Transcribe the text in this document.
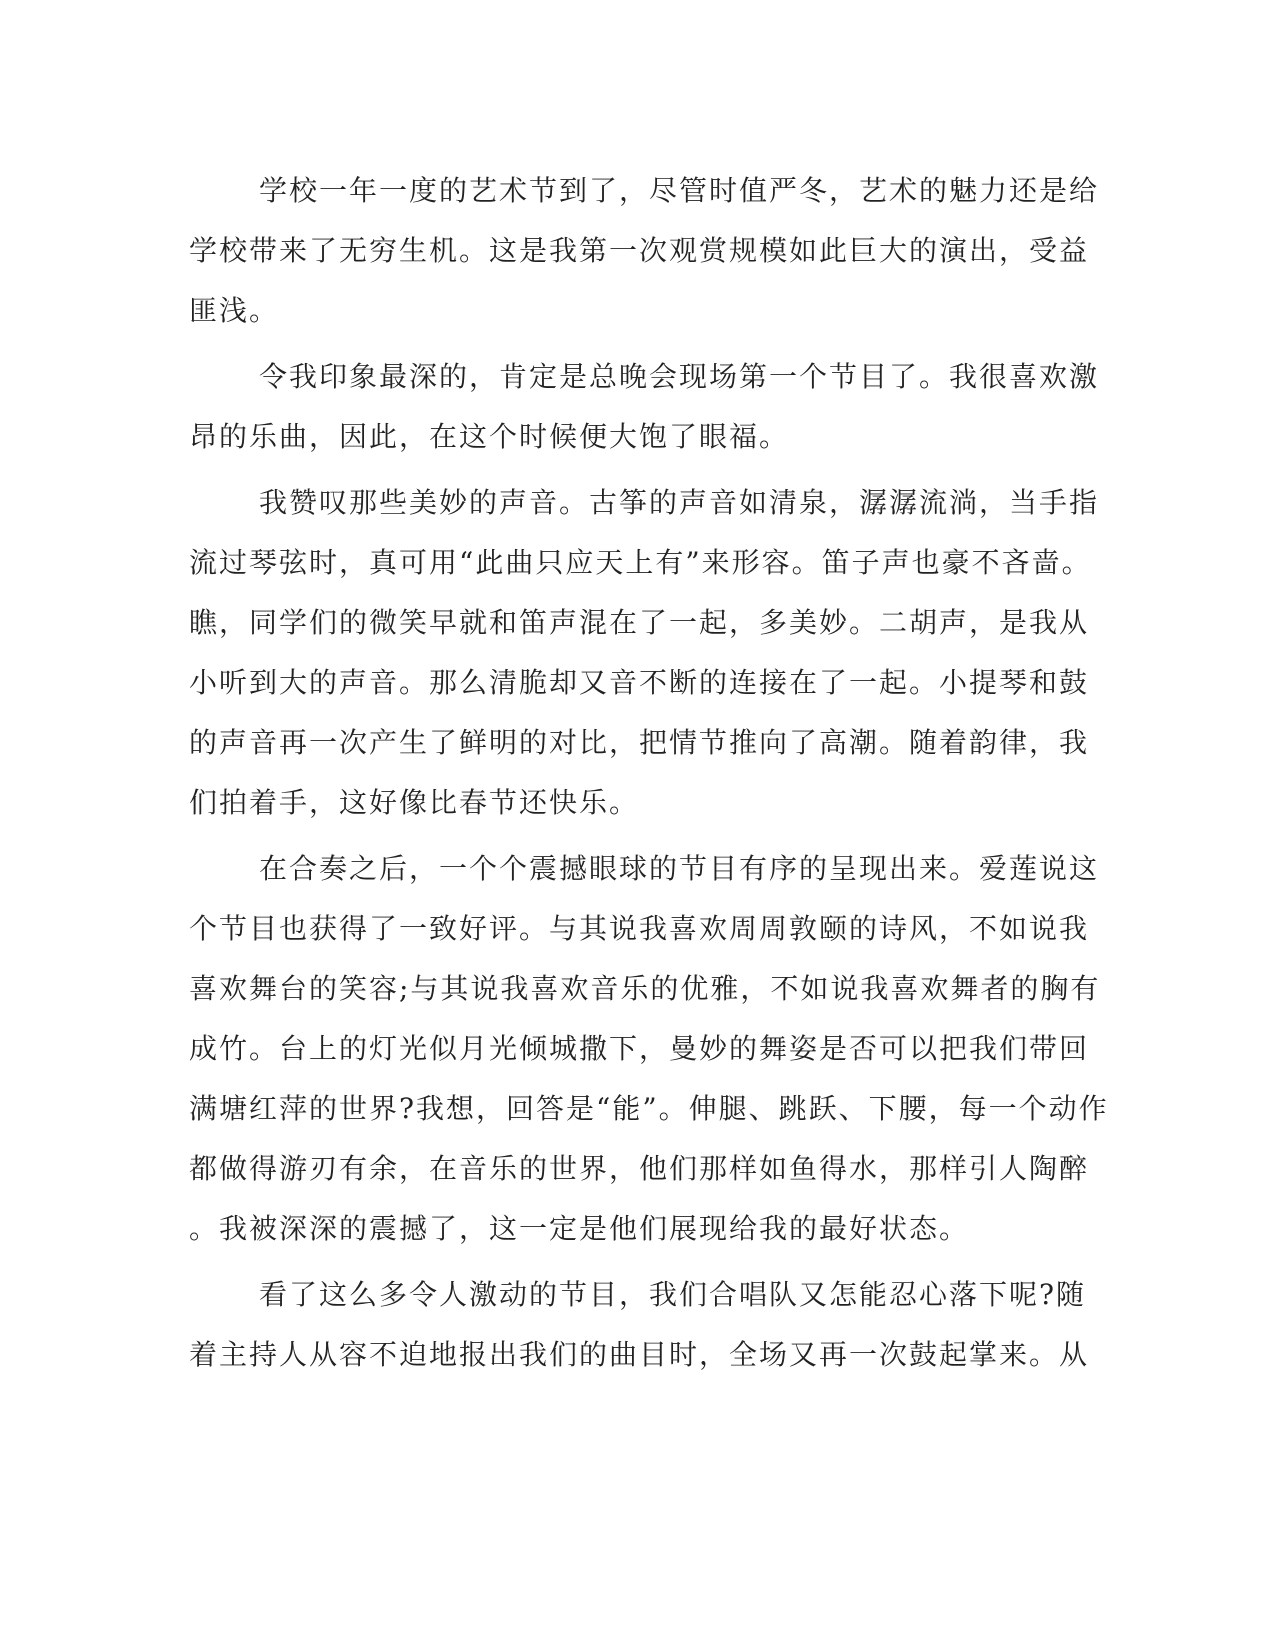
学校一年一度的艺术节到了，尽管时值严冬，艺术的魅力还是给
学校带来了无穷生机。这是我第一次观赏规模如此巨大的演出，受益
匪浅。
令我印象最深的，肯定是总晚会现场第一个节目了。我很喜欢激
昂的乐曲，因此，在这个时候便大饱了眼福。
我赞叹那些美妙的声音。古筝的声音如清泉，潺潺流淌，当手指
流过琴弦时，真可用“此曲只应天上有”来形容。笛子声也豪不吝啬。
瞧，同学们的微笑早就和笛声混在了一起，多美妙。二胡声，是我从
小听到大的声音。那么清脆却又音不断的连接在了一起。小提琴和鼓
的声音再一次产生了鲜明的对比，把情节推向了高潮。随着韵律，我
们拍着手，这好像比春节还快乐。
在合奏之后，一个个震撼眼球的节目有序的呈现出来。爱莲说这
个节目也获得了一致好评。与其说我喜欢周周敦颐的诗风，不如说我
喜欢舞台的笑容;与其说我喜欢音乐的优雅，不如说我喜欢舞者的胸有
成竹。台上的灯光似月光倾城撒下，曼妙的舞姿是否可以把我们带回
满塘红萍的世界?我想，回答是“能”。伸腿、跳跃、下腰，每一个动作
都做得游刃有余，在音乐的世界，他们那样如鱼得水，那样引人陶醉
。我被深深的震撼了，这一定是他们展现给我的最好状态。
看了这么多令人激动的节目，我们合唱队又怎能忍心落下呢?随
着主持人从容不迫地报出我们的曲目时，全场又再一次鼓起掌来。从
